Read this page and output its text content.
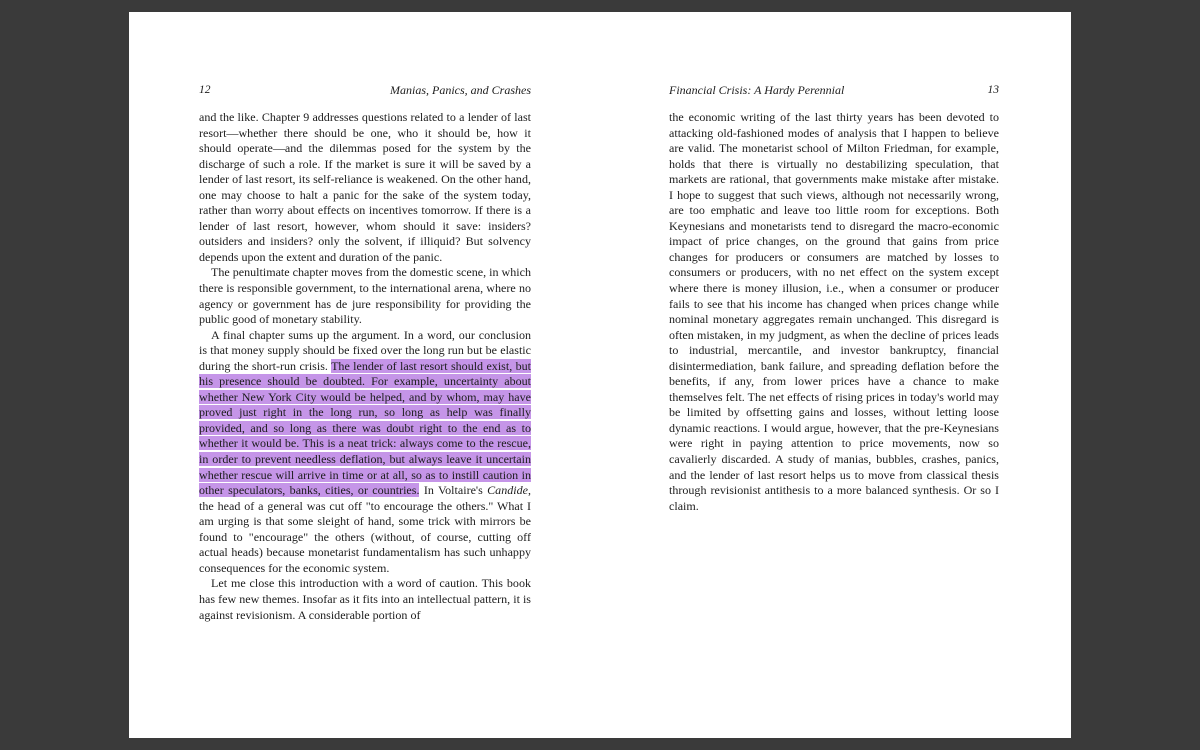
12	Manias, Panics, and Crashes

and the like. Chapter 9 addresses questions related to a lender of last resort—whether there should be one, who it should be, how it should operate—and the dilemmas posed for the system by the discharge of such a role. If the market is sure it will be saved by a lender of last resort, its self-reliance is weakened. On the other hand, one may choose to halt a panic for the sake of the system today, rather than worry about effects on incentives tomorrow. If there is a lender of last resort, however, whom should it save: insiders? outsiders and insiders? only the solvent, if illiquid? But solvency depends upon the extent and duration of the panic.

The penultimate chapter moves from the domestic scene, in which there is responsible government, to the international arena, where no agency or government has de jure responsibility for providing the public good of monetary stability.

A final chapter sums up the argument. In a word, our conclusion is that money supply should be fixed over the long run but be elastic during the short-run crisis. The lender of last resort should exist, but his presence should be doubted. For example, uncertainty about whether New York City would be helped, and by whom, may have proved just right in the long run, so long as help was finally provided, and so long as there was doubt right to the end as to whether it would be. This is a neat trick: always come to the rescue, in order to prevent needless deflation, but always leave it uncertain whether rescue will arrive in time or at all, so as to instill caution in other speculators, banks, cities, or countries. In Voltaire's Candide, the head of a general was cut off "to encourage the others." What I am urging is that some sleight of hand, some trick with mirrors be found to "encourage" the others (without, of course, cutting off actual heads) because monetarist fundamentalism has such unhappy consequences for the economic system.

Let me close this introduction with a word of caution. This book has few new themes. Insofar as it fits into an intellectual pattern, it is against revisionism. A considerable portion of

Financial Crisis: A Hardy Perennial	13

the economic writing of the last thirty years has been devoted to attacking old-fashioned modes of analysis that I happen to believe are valid. The monetarist school of Milton Friedman, for example, holds that there is virtually no destabilizing speculation, that markets are rational, that governments make mistake after mistake. I hope to suggest that such views, although not necessarily wrong, are too emphatic and leave too little room for exceptions. Both Keynesians and monetarists tend to disregard the macro-economic impact of price changes, on the ground that gains from price changes for producers or consumers are matched by losses to consumers or producers, with no net effect on the system except where there is money illusion, i.e., when a consumer or producer fails to see that his income has changed when prices change while nominal monetary aggregates remain unchanged. This disregard is often mistaken, in my judgment, as when the decline of prices leads to industrial, mercantile, and investor bankruptcy, financial disintermediation, bank failure, and spreading deflation before the benefits, if any, from lower prices have a chance to make themselves felt. The net effects of rising prices in today's world may be limited by offsetting gains and losses, without letting loose dynamic reactions. I would argue, however, that the pre-Keynesians were right in paying attention to price movements, now so cavalierly discarded. A study of manias, bubbles, crashes, panics, and the lender of last resort helps us to move from classical thesis through revisionist antithesis to a more balanced synthesis. Or so I claim.
